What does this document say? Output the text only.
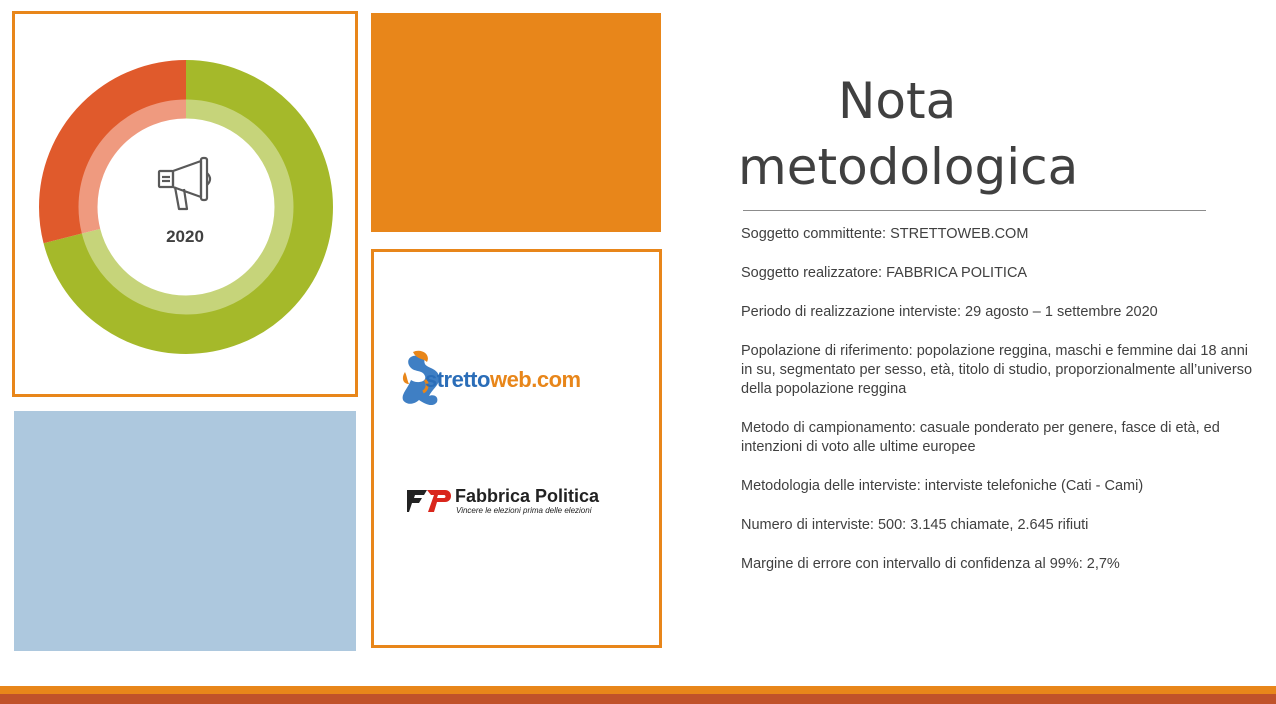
2020
strettoweb.com
Fabbrica Politica
Vincere le elezioni prima delle elezioni
Nota
metodologica
Soggetto committente: STRETTOWEB.COM
Soggetto realizzatore: FABBRICA POLITICA
Periodo di realizzazione interviste: 29 agosto – 1 settembre 2020
Popolazione di riferimento: popolazione reggina, maschi e femmine dai 18 anni in su, segmentato per sesso, età, titolo di studio, proporzionalmente all’universo della popolazione reggina
Metodo di campionamento: casuale ponderato per genere, fasce di età, ed intenzioni di voto alle ultime europee
Metodologia delle interviste: interviste telefoniche (Cati - Cami)
Numero di interviste: 500: 3.145 chiamate, 2.645 rifiuti
Margine di errore con intervallo di confidenza al 99%: 2,7%
